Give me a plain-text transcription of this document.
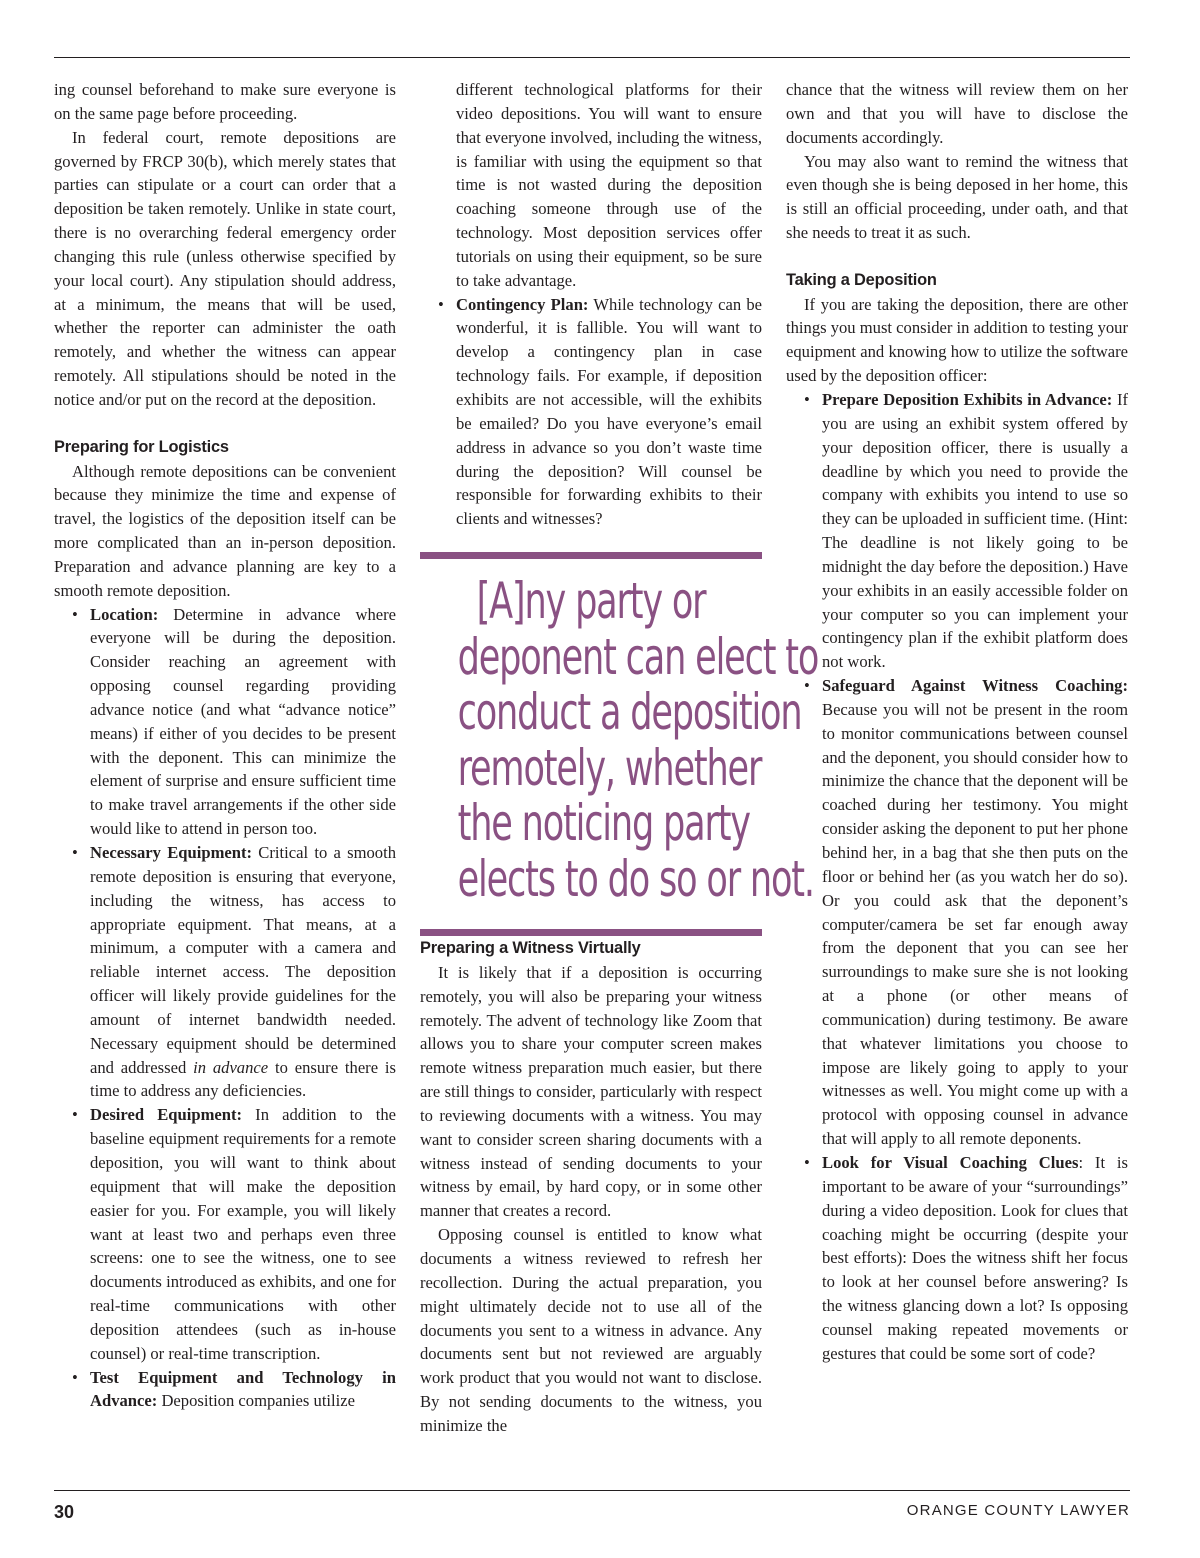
ing counsel beforehand to make sure everyone is on the same page before proceeding.

In federal court, remote depositions are governed by FRCP 30(b), which merely states that parties can stipulate or a court can order that a deposition be taken remotely. Unlike in state court, there is no overarching federal emergency order changing this rule (unless otherwise specified by your local court). Any stipulation should address, at a minimum, the means that will be used, whether the reporter can administer the oath remotely, and whether the witness can appear remotely. All stipulations should be noted in the notice and/or put on the record at the deposition.

Preparing for Logistics

Although remote depositions can be convenient because they minimize the time and expense of travel, the logistics of the deposition itself can be more complicated than an in-person deposition. Preparation and advance planning are key to a smooth remote deposition.

• Location: Determine in advance where everyone will be during the deposition. Consider reaching an agreement with opposing counsel regarding providing advance notice (and what “advance notice” means) if either of you decides to be present with the deponent. This can minimize the element of surprise and ensure sufficient time to make travel arrangements if the other side would like to attend in person too.
• Necessary Equipment: Critical to a smooth remote deposition is ensuring that everyone, including the witness, has access to appropriate equipment. That means, at a minimum, a computer with a camera and reliable internet access. The deposition officer will likely provide guidelines for the amount of internet bandwidth needed. Necessary equipment should be determined and addressed in advance to ensure there is time to address any deficiencies.
• Desired Equipment: In addition to the baseline equipment requirements for a remote deposition, you will want to think about equipment that will make the deposition easier for you. For example, you will likely want at least two and perhaps even three screens: one to see the witness, one to see documents introduced as exhibits, and one for real-time communications with other deposition attendees (such as in-house counsel) or real-time transcription.
• Test Equipment and Technology in Advance: Deposition companies utilize
different technological platforms for their video depositions. You will want to ensure that everyone involved, including the witness, is familiar with using the equipment so that time is not wasted during the deposition coaching someone through use of the technology. Most deposition services offer tutorials on using their equipment, so be sure to take advantage.
• Contingency Plan: While technology can be wonderful, it is fallible. You will want to develop a contingency plan in case technology fails. For example, if deposition exhibits are not accessible, will the exhibits be emailed? Do you have everyone’s email address in advance so you don’t waste time during the deposition? Will counsel be responsible for forwarding exhibits to their clients and witnesses?
Preparing a Witness Virtually

It is likely that if a deposition is occurring remotely, you will also be preparing your witness remotely. The advent of technology like Zoom that allows you to share your computer screen makes remote witness preparation much easier, but there are still things to consider, particularly with respect to reviewing documents with a witness. You may want to consider screen sharing documents with a witness instead of sending documents to your witness by email, by hard copy, or in some other manner that creates a record.

Opposing counsel is entitled to know what documents a witness reviewed to refresh her recollection. During the actual preparation, you might ultimately decide not to use all of the documents you sent to a witness in advance. Any documents sent but not reviewed are arguably work product that you would not want to disclose. By not sending documents to the witness, you minimize the

[A]ny party or
deponent can elect to
conduct a deposition
remotely, whether
the noticing party
elects to do so or not.

chance that the witness will review them on her own and that you will have to disclose the documents accordingly.

You may also want to remind the witness that even though she is being deposed in her home, this is still an official proceeding, under oath, and that she needs to treat it as such.

Taking a Deposition

If you are taking the deposition, there are other things you must consider in addition to testing your equipment and knowing how to utilize the software used by the deposition officer:

• Prepare Deposition Exhibits in Advance: If you are using an exhibit system offered by your deposition officer, there is usually a deadline by which you need to provide the company with exhibits you intend to use so they can be uploaded in sufficient time. (Hint: The deadline is not likely going to be midnight the day before the deposition.) Have your exhibits in an easily accessible folder on your computer so you can implement your contingency plan if the exhibit platform does not work.
• Safeguard Against Witness Coaching: Because you will not be present in the room to monitor communications between counsel and the deponent, you should consider how to minimize the chance that the deponent will be coached during her testimony. You might consider asking the deponent to put her phone behind her, in a bag that she then puts on the floor or behind her (as you watch her do so). Or you could ask that the deponent’s computer/camera be set far enough away from the deponent that you can see her surroundings to make sure she is not looking at a phone (or other means of communication) during testimony. Be aware that whatever limitations you choose to impose are likely going to apply to your witnesses as well. You might come up with a protocol with opposing counsel in advance that will apply to all remote deponents.
• Look for Visual Coaching Clues: It is important to be aware of your “surroundings” during a video deposition. Look for clues that coaching might be occurring (despite your best efforts): Does the witness shift her focus to look at her counsel before answering? Is the witness glancing down a lot? Is opposing counsel making repeated movements or gestures that could be some sort of code?
30	ORANGE COUNTY LAWYER
